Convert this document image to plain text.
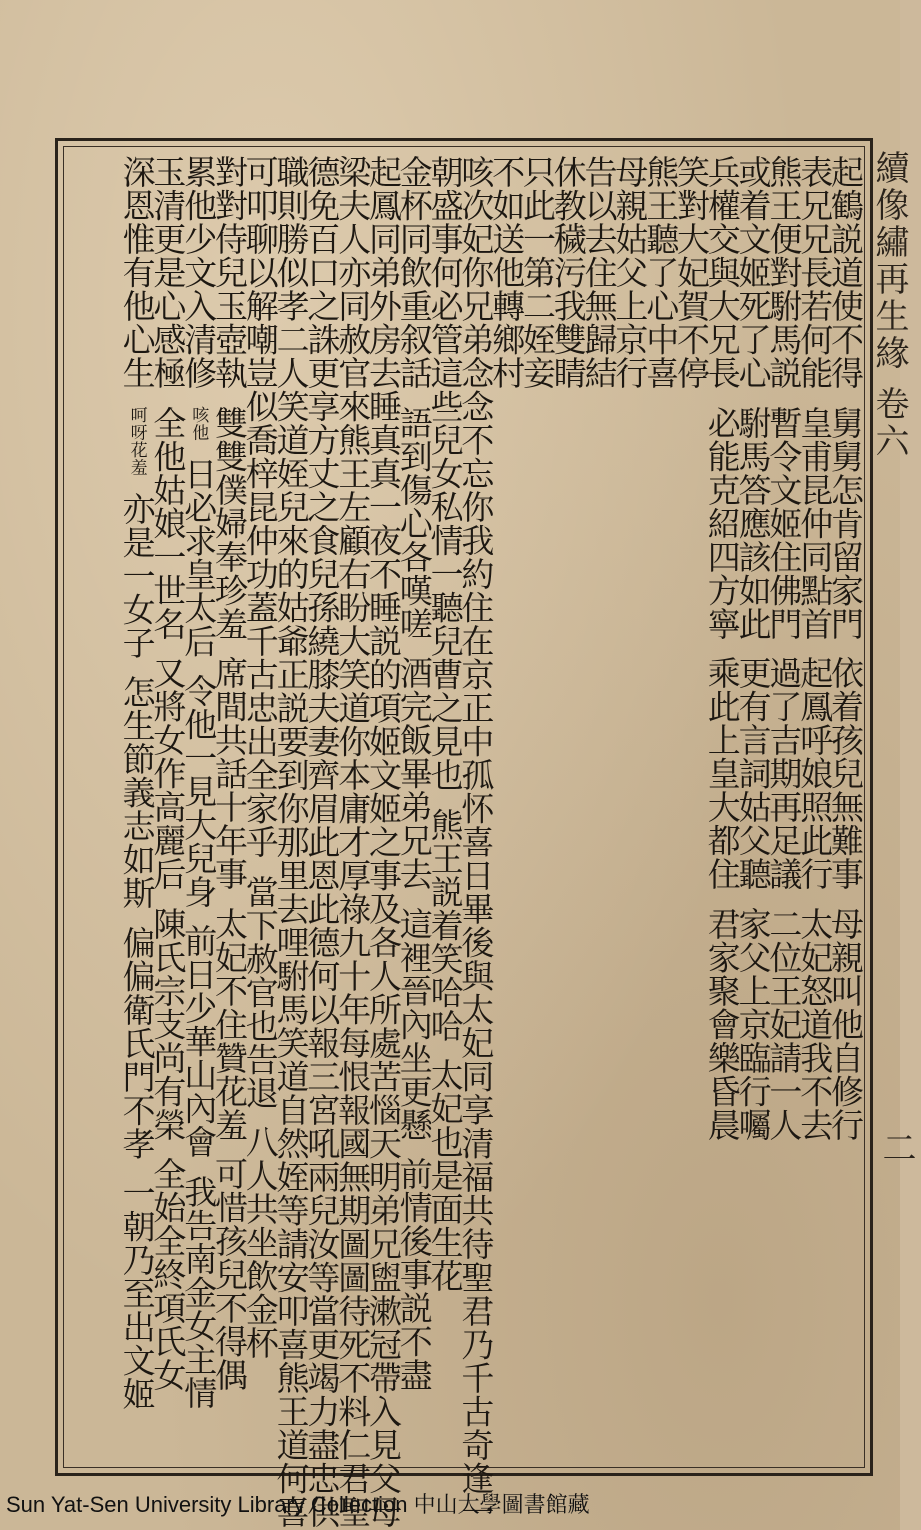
續像繡再生緣卷六
二
起鶴説道使不得舅舅怎肯留家門依着孩兒無難事母親叫他自修行
表兄兄長若何能皇甫昆仲同點首起鳳呼娘照此行太妃怒道我不去
熊王便對駙馬説暫令文姬住佛門過了吉期再足議二位王妃請一人
或着文姬死了心駙馬答應該如此更有言詞姑父聽家父上京臨行囑
兵權交與大兄長必能克紹四方寧乘此上皇大都住君家聚會樂昏晨
笑對大妃賀不停
熊王聽了心中喜
母親姑父上京行
告以去住無歸結
休教穢污我雙睛
只此一第二姪妾
不如送他轉鄉村
咳次妃你兄弟念念不忘你我約住在京正中孤怀喜日畢後與太妃同享清福共待聖君乃千古奇逢一
朝盛事何必管這些兒女私情一聽兒曹之見也熊王説着笑哈哈太妃也是面生花
金杯同飲重叙話語到傷心各嘆嗟酒完飯畢弟兄去這裡晉內坐更懸前情後事説不盡
起鳳同弟外房去睡真真一夜不睡説的項姬文姬之事及各人所處苦惱天明弟兄盥漱冠帶入見父母
梁夫人亦同赦官來熊王左顧右盼大笑道你本庸才厚祿九十年每恨報國無期圖圖待死不料仁君聖
德免百口之誅更享方丈之食兒孫繞膝夫妻齊眉此恩此德何以報三宮吼兩兒汝等當更竭力盡忠供
職則勝似孝二人笑道姪兒來的姑爺正説要到你那里去哩駙馬笑道自然姪等請安叩喜熊王道何喜
可叩聊以解嘲豈似喬梓昆仲功蓋千古忠出全家乎當下赦官也告退八人共坐飲金杯
對對侍兒玉壺執雙雙僕婦奉珍羞席間共話十年事太妃不住贊花羞可惜孩兒不得偶
累他少文入清修咳他日必求皇太后令他一見大兒身前日少華山內會我告南金女主情
玉清更是心感極全他姑娘一世名又將女作高麗后陳氏宗支尚有榮全始全終項氏女
深恩惟有他心生呵呀花羞亦是一女子怎生節義志如斯偏偏衛氏門不孝一朝乃至出文姬
Sun Yat-Sen University Library Collection 中山大學圖書館藏
